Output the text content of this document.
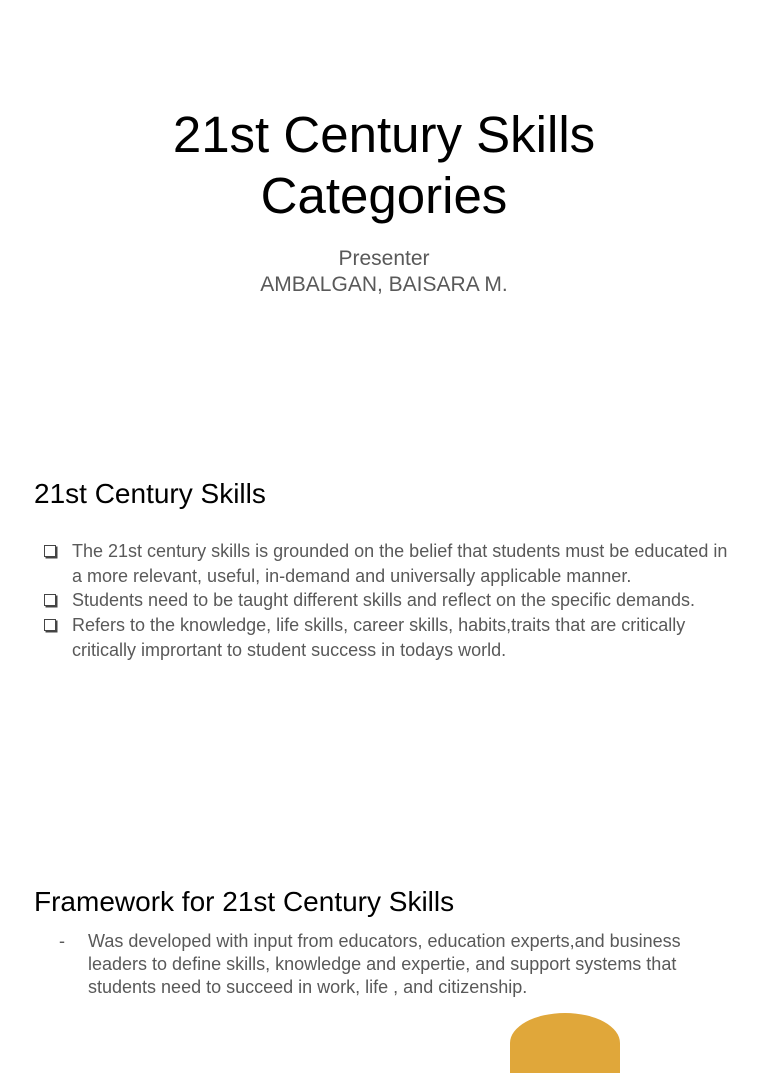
21st Century Skills
Categories
Presenter
AMBALGAN, BAISARA M.
21st Century Skills
The 21st century skills is grounded on the belief that students must be educated in a more relevant, useful, in-demand and universally applicable manner.
Students need to be taught different skills and reflect on the specific demands.
Refers to the knowledge, life skills, career skills, habits,traits that are critically critically imprortant to student success in todays world.
Framework for 21st Century Skills
- Was developed with input from educators, education experts,and business leaders to define skills, knowledge and expertie, and support systems that students need to succeed in work, life , and citizenship.
